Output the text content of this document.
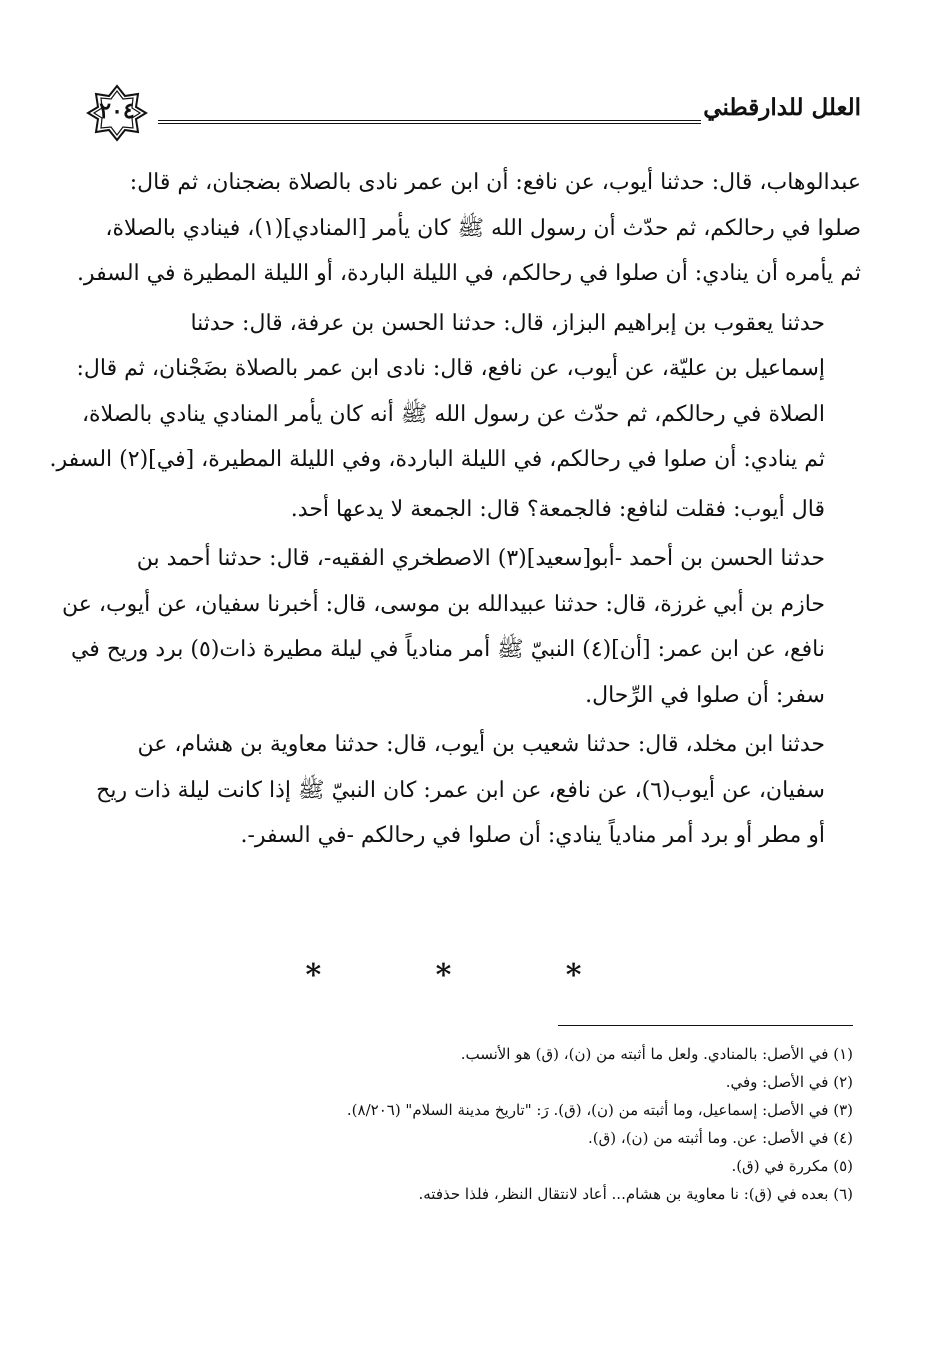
٢٠٤	العلل للدارقطني

عبدالوهاب، قال: حدثنا أيوب، عن نافع: أن ابن عمر نادى بالصلاة بضجنان، ثم قال:
صلوا في رحالكم، ثم حدّث أن رسول الله ﷺ كان يأمر [المنادي](١)، فينادي بالصلاة،
ثم يأمره أن ينادي: أن صلوا في رحالكم، في الليلة الباردة، أو الليلة المطيرة في السفر.

حدثنا يعقوب بن إبراهيم البزاز، قال: حدثنا الحسن بن عرفة، قال: حدثنا
إسماعيل بن عليّة، عن أيوب، عن نافع، قال: نادى ابن عمر بالصلاة بضَجْنان، ثم قال:
الصلاة في رحالكم، ثم حدّث عن رسول الله ﷺ أنه كان يأمر المنادي ينادي بالصلاة،
ثم ينادي: أن صلوا في رحالكم، في الليلة الباردة، وفي الليلة المطيرة، [في](٢) السفر.

قال أيوب: فقلت لنافع: فالجمعة؟ قال: الجمعة لا يدعها أحد.

حدثنا الحسن بن أحمد -أبو[سعيد](٣) الاصطخري الفقيه-، قال: حدثنا أحمد بن
حازم بن أبي غرزة، قال: حدثنا عبيدالله بن موسى، قال: أخبرنا سفيان، عن أيوب، عن
نافع، عن ابن عمر: [أن](٤) النبيّ ﷺ أمر منادياً في ليلة مطيرة ذات(٥) برد وريح في
سفر: أن صلوا في الرِّحال.

حدثنا ابن مخلد، قال: حدثنا شعيب بن أيوب، قال: حدثنا معاوية بن هشام، عن
سفيان، عن أيوب(٦)، عن نافع، عن ابن عمر: كان النبيّ ﷺ إذا كانت ليلة ذات ريح
أو مطر أو برد أمر منادياً ينادي: أن صلوا في رحالكم -في السفر-.

* * *
(١) في الأصل: بالمنادي. ولعل ما أثبته من (ن)، (ق) هو الأنسب.
(٢) في الأصل: وفي.
(٣) في الأصل: إسماعيل، وما أثبته من (ن)، (ق). رَ: "تاريخ مدينة السلام" (٨/٢٠٦).
(٤) في الأصل: عن. وما أثبته من (ن)، (ق).
(٥) مكررة في (ق).
(٦) بعده في (ق): نا معاوية بن هشام... أعاد لانتقال النظر، فلذا حذفته.
